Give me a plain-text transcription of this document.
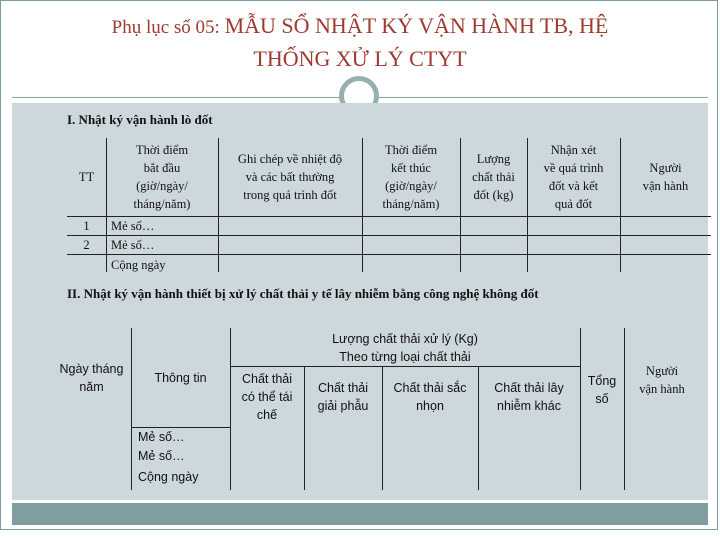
Phụ lục số 05: MẪU SỔ NHẬT KÝ VẬN HÀNH TB, HỆ
THỐNG XỬ LÝ CTYT
I. Nhật ký vận hành lò đốt
TT
Thời điểm
bắt đầu
(giờ/ngày/
tháng/năm)
Ghi chép về nhiệt độ
và các bất thường
trong quá trình đốt
Thời điểm
kết thúc
(giờ/ngày/
tháng/năm)
Lượng
chất thải
đốt (kg)
Nhận xét
về quá trình
đốt và kết
quả đốt
Người
vận hành
1	Mẻ số…
2	Mẻ số…
Cộng ngày
II. Nhật ký vận hành thiết bị xử lý chất thải y tế lây nhiễm bằng công nghệ không đốt
Ngày tháng
năm
Thông tin
Lượng chất thải xử lý (Kg)
Theo từng loại chất thải
Chất thải
có thể tái
chế
Chất thải
giải phẫu
Chất thải sắc
nhọn
Chất thải lây
nhiễm khác
Tổng
số
Người
vận hành
Mẻ số…
Mẻ số…
Cộng ngày
